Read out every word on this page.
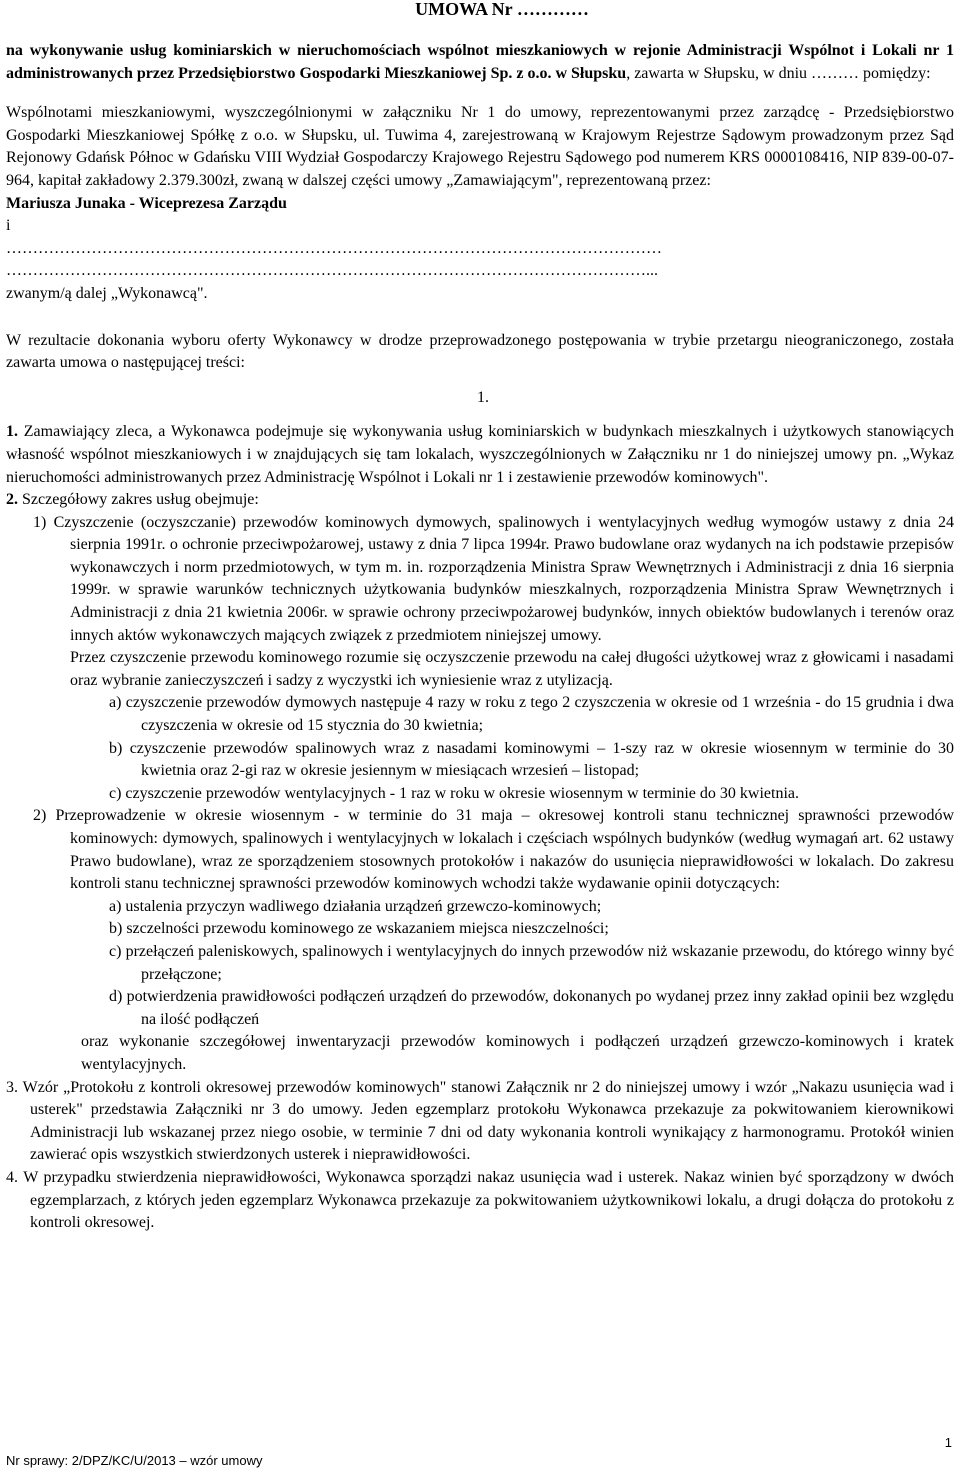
UMOWA Nr …………

na wykonywanie usług kominiarskich w nieruchomościach wspólnot mieszkaniowych w rejonie Administracji Wspólnot i Lokali nr 1 administrowanych przez Przedsiębiorstwo Gospodarki Mieszkaniowej Sp. z o.o. w Słupsku, zawarta w Słupsku, w dniu ……… pomiędzy:

Wspólnotami mieszkaniowymi, wyszczególnionymi w załączniku Nr 1 do umowy, reprezentowanymi przez zarządcę - Przedsiębiorstwo Gospodarki Mieszkaniowej Spółkę z o.o. w Słupsku, ul. Tuwima 4, zarejestrowaną w Krajowym Rejestrze Sądowym prowadzonym przez Sąd Rejonowy Gdańsk Północ w Gdańsku VIII Wydział Gospodarczy Krajowego Rejestru Sądowego pod numerem KRS 0000108416, NIP 839-00-07-964, kapitał zakładowy 2.379.300zł, zwaną w dalszej części umowy „Zamawiającym", reprezentowaną przez:

Mariusza Junaka - Wiceprezesa Zarządu

i

……………………………………………………………………………………………………………

…………………………………………………………………………………………………………...

zwanym/ą dalej „Wykonawcą".

W rezultacie dokonania wyboru oferty Wykonawcy w drodze przeprowadzonego postępowania w trybie przetargu nieograniczonego, została zawarta umowa o następującej treści:

1.

1. Zamawiający zleca, a Wykonawca podejmuje się wykonywania usług kominiarskich w budynkach mieszkalnych i użytkowych stanowiących własność wspólnot mieszkaniowych i w znajdujących się tam lokalach, wyszczególnionych w Załączniku nr 1 do niniejszej umowy pn. „Wykaz nieruchomości administrowanych przez Administrację Wspólnot i Lokali nr 1 i zestawienie przewodów kominowych".

2. Szczegółowy zakres usług obejmuje:

1) Czyszczenie (oczyszczanie) przewodów kominowych dymowych, spalinowych i wentylacyjnych według wymogów ustawy z dnia 24 sierpnia 1991r. o ochronie przeciwpożarowej, ustawy z dnia 7 lipca 1994r. Prawo budowlane oraz wydanych na ich podstawie przepisów wykonawczych i norm przedmiotowych, w tym m. in. rozporządzenia Ministra Spraw Wewnętrznych i Administracji z dnia 16 sierpnia 1999r. w sprawie warunków technicznych użytkowania budynków mieszkalnych, rozporządzenia Ministra Spraw Wewnętrznych i Administracji z dnia 21 kwietnia 2006r. w sprawie ochrony przeciwpożarowej budynków, innych obiektów budowlanych i terenów oraz innych aktów wykonawczych mających związek z przedmiotem niniejszej umowy.

Przez czyszczenie przewodu kominowego rozumie się oczyszczenie przewodu na całej długości użytkowej wraz z głowicami i nasadami oraz wybranie zanieczyszczeń i sadzy z wyczystki ich wyniesienie wraz z utylizacją.

a) czyszczenie przewodów dymowych następuje 4 razy w roku z tego 2 czyszczenia w okresie od 1 września - do 15 grudnia i dwa czyszczenia w okresie od 15 stycznia do 30 kwietnia;

b) czyszczenie przewodów spalinowych wraz z nasadami kominowymi – 1-szy raz w okresie wiosennym w terminie do 30 kwietnia oraz 2-gi raz w okresie jesiennym w miesiącach wrzesień – listopad;

c) czyszczenie przewodów wentylacyjnych - 1 raz w roku w okresie wiosennym w terminie do 30 kwietnia.

2) Przeprowadzenie w okresie wiosennym - w terminie do 31 maja – okresowej kontroli stanu technicznej sprawności przewodów kominowych: dymowych, spalinowych i wentylacyjnych w lokalach i częściach wspólnych budynków (według wymagań art. 62 ustawy Prawo budowlane), wraz ze sporządzeniem stosownych protokołów i nakazów do usunięcia nieprawidłowości w lokalach. Do zakresu kontroli stanu technicznej sprawności przewodów kominowych wchodzi także wydawanie opinii dotyczących:

a) ustalenia przyczyn wadliwego działania urządzeń grzewczo-kominowych;

b) szczelności przewodu kominowego ze wskazaniem miejsca nieszczelności;

c) przełączeń paleniskowych, spalinowych i wentylacyjnych do innych przewodów niż wskazanie przewodu, do którego winny być przełączone;

d) potwierdzenia prawidłowości podłączeń urządzeń do przewodów, dokonanych po wydanej przez inny zakład opinii bez względu na ilość podłączeń

oraz wykonanie szczegółowej inwentaryzacji przewodów kominowych i podłączeń urządzeń grzewczo-kominowych i kratek wentylacyjnych.

3. Wzór „Protokołu z kontroli okresowej przewodów kominowych" stanowi Załącznik nr 2 do niniejszej umowy i wzór „Nakazu usunięcia wad i usterek" przedstawia Załączniki nr 3 do umowy. Jeden egzemplarz protokołu Wykonawca przekazuje za pokwitowaniem kierownikowi Administracji lub wskazanej przez niego osobie, w terminie 7 dni od daty wykonania kontroli wynikający z harmonogramu. Protokół winien zawierać opis wszystkich stwierdzonych usterek i nieprawidłowości.

4. W przypadku stwierdzenia nieprawidłowości, Wykonawca sporządzi nakaz usunięcia wad i usterek. Nakaz winien być sporządzony w dwóch egzemplarzach, z których jeden egzemplarz Wykonawca przekazuje za pokwitowaniem użytkownikowi lokalu, a drugi dołącza do protokołu z kontroli okresowej.

1
Nr sprawy: 2/DPZ/KC/U/2013 – wzór umowy
